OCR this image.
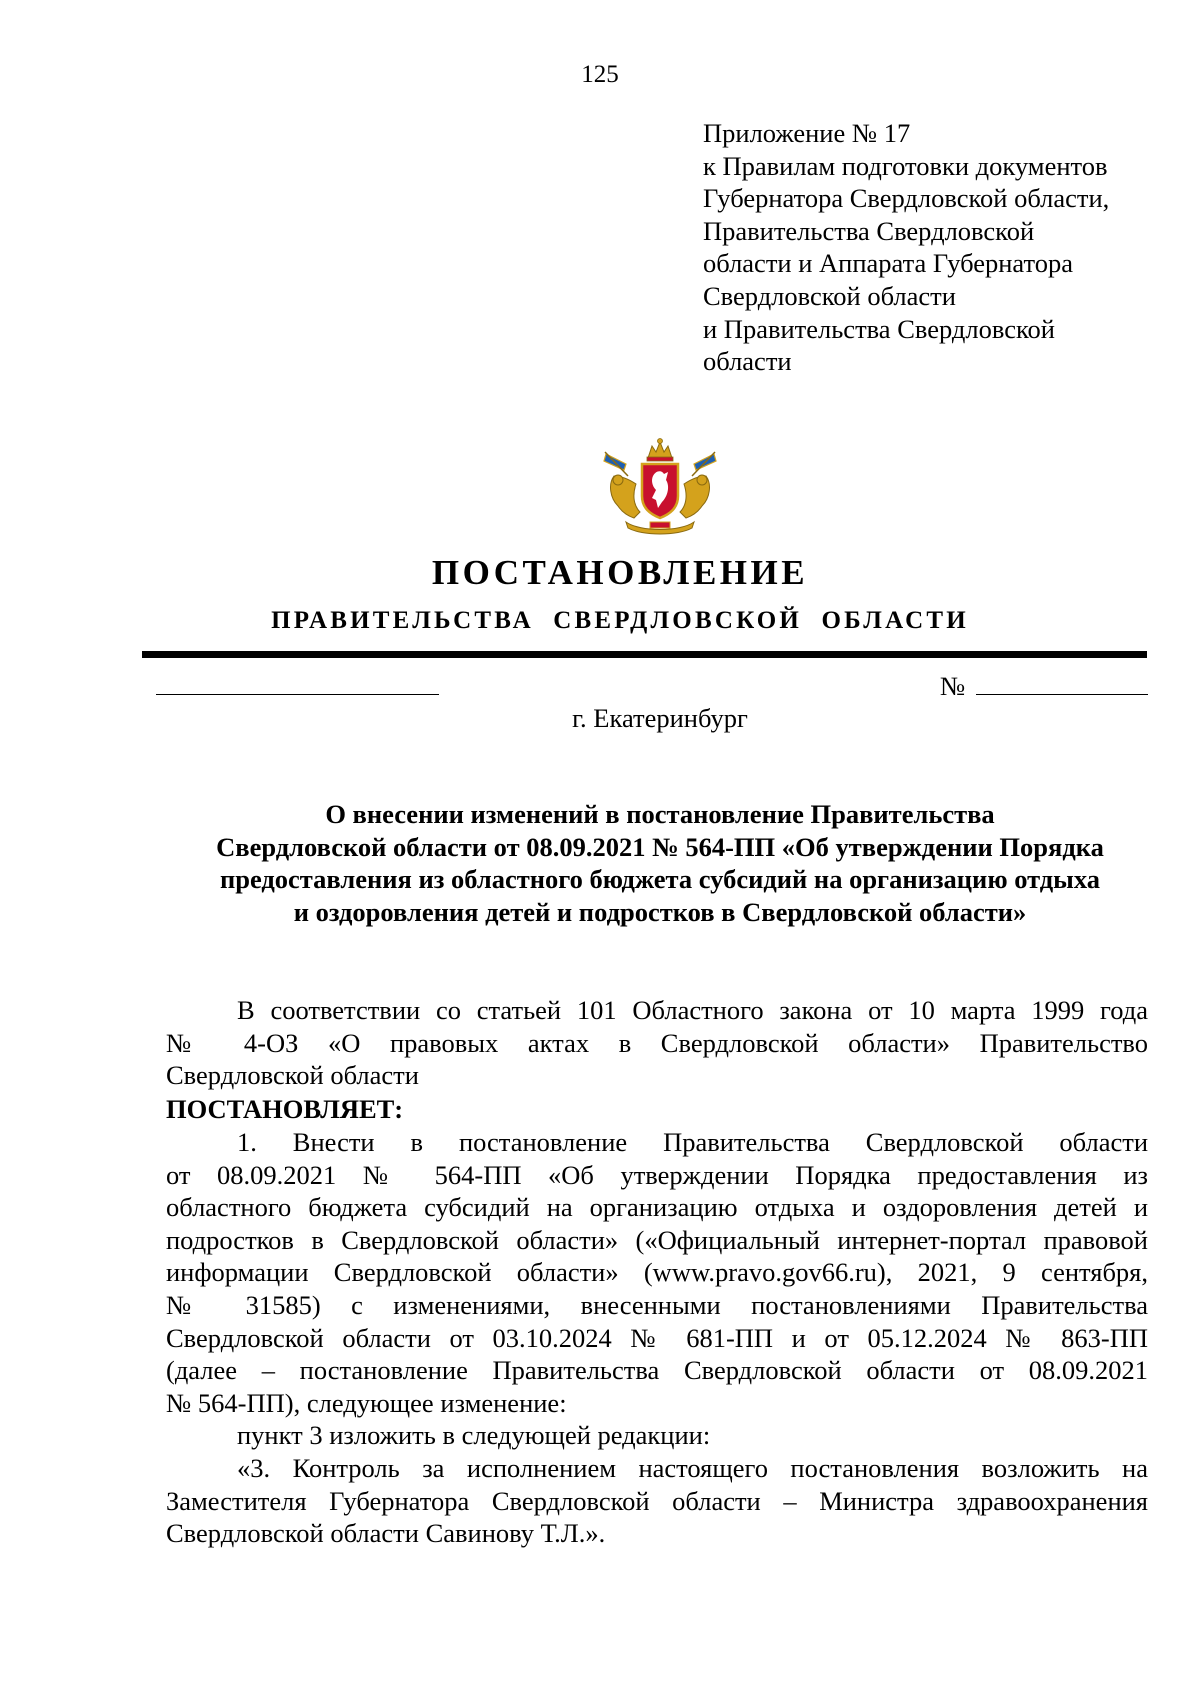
125
Приложение № 17
к Правилам подготовки документов
Губернатора Свердловской области,
Правительства Свердловской
области и Аппарата Губернатора
Свердловской области
и Правительства Свердловской
области
ПОСТАНОВЛЕНИЕ
ПРАВИТЕЛЬСТВА СВЕРДЛОВСКОЙ ОБЛАСТИ
№
г. Екатеринбург
О внесении изменений в постановление Правительства
Свердловской области от 08.09.2021 № 564-ПП «Об утверждении Порядка
предоставления из областного бюджета субсидий на организацию отдыха
и оздоровления детей и подростков в Свердловской области»
В соответствии со статьей 101 Областного закона от 10 марта 1999 года
№ 4-ОЗ «О правовых актах в Свердловской области» Правительство
Свердловской области
ПОСТАНОВЛЯЕТ:
1. Внести в постановление Правительства Свердловской области
от 08.09.2021 № 564-ПП «Об утверждении Порядка предоставления из
областного бюджета субсидий на организацию отдыха и оздоровления детей и
подростков в Свердловской области» («Официальный интернет-портал правовой
информации Свердловской области» (www.pravo.gov66.ru), 2021, 9 сентября,
№ 31585) с изменениями, внесенными постановлениями Правительства
Свердловской области от 03.10.2024 № 681-ПП и от 05.12.2024 № 863-ПП
(далее – постановление Правительства Свердловской области от 08.09.2021
№ 564-ПП), следующее изменение:
пункт 3 изложить в следующей редакции:
«3. Контроль за исполнением настоящего постановления возложить на
Заместителя Губернатора Свердловской области – Министра здравоохранения
Свердловской области Савинову Т.Л.».
